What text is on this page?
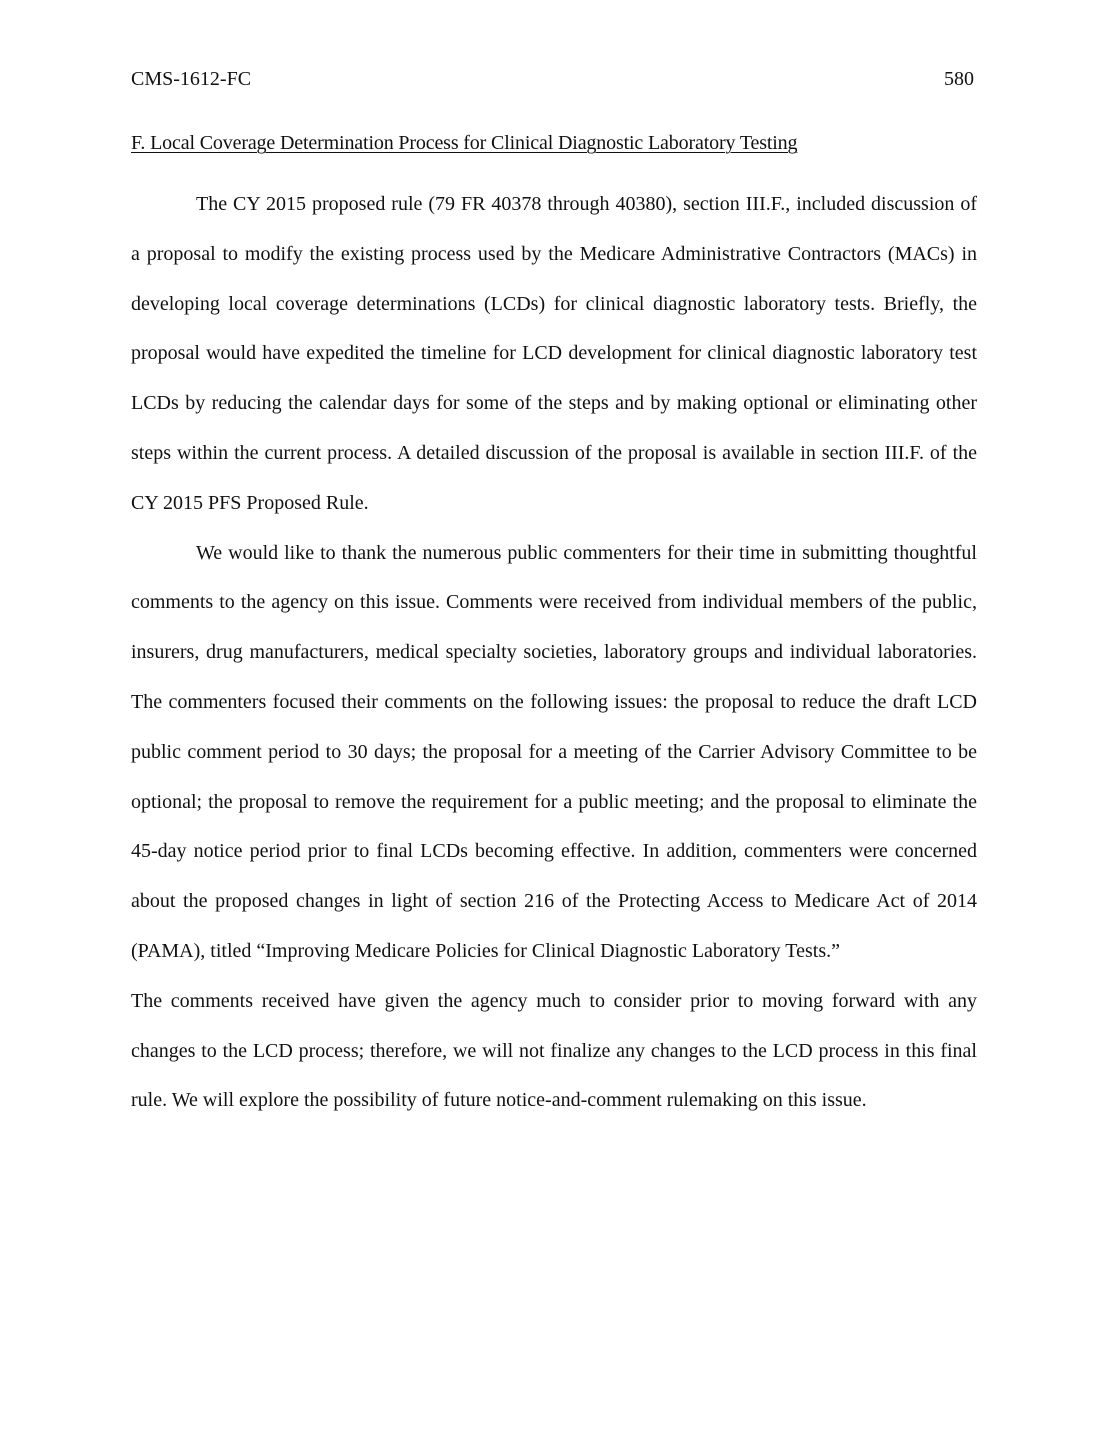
CMS-1612-FC	580
F. Local Coverage Determination Process for Clinical Diagnostic Laboratory Testing

The CY 2015 proposed rule (79 FR 40378 through 40380), section III.F., included discussion of a proposal to modify the existing process used by the Medicare Administrative Contractors (MACs) in developing local coverage determinations (LCDs) for clinical diagnostic laboratory tests. Briefly, the proposal would have expedited the timeline for LCD development for clinical diagnostic laboratory test LCDs by reducing the calendar days for some of the steps and by making optional or eliminating other steps within the current process. A detailed discussion of the proposal is available in section III.F. of the CY 2015 PFS Proposed Rule.

We would like to thank the numerous public commenters for their time in submitting thoughtful comments to the agency on this issue. Comments were received from individual members of the public, insurers, drug manufacturers, medical specialty societies, laboratory groups and individual laboratories. The commenters focused their comments on the following issues: the proposal to reduce the draft LCD public comment period to 30 days; the proposal for a meeting of the Carrier Advisory Committee to be optional; the proposal to remove the requirement for a public meeting; and the proposal to eliminate the 45-day notice period prior to final LCDs becoming effective. In addition, commenters were concerned about the proposed changes in light of section 216 of the Protecting Access to Medicare Act of 2014 (PAMA), titled “Improving Medicare Policies for Clinical Diagnostic Laboratory Tests.”

The comments received have given the agency much to consider prior to moving forward with any changes to the LCD process; therefore, we will not finalize any changes to the LCD process in this final rule. We will explore the possibility of future notice-and-comment rulemaking on this issue.
